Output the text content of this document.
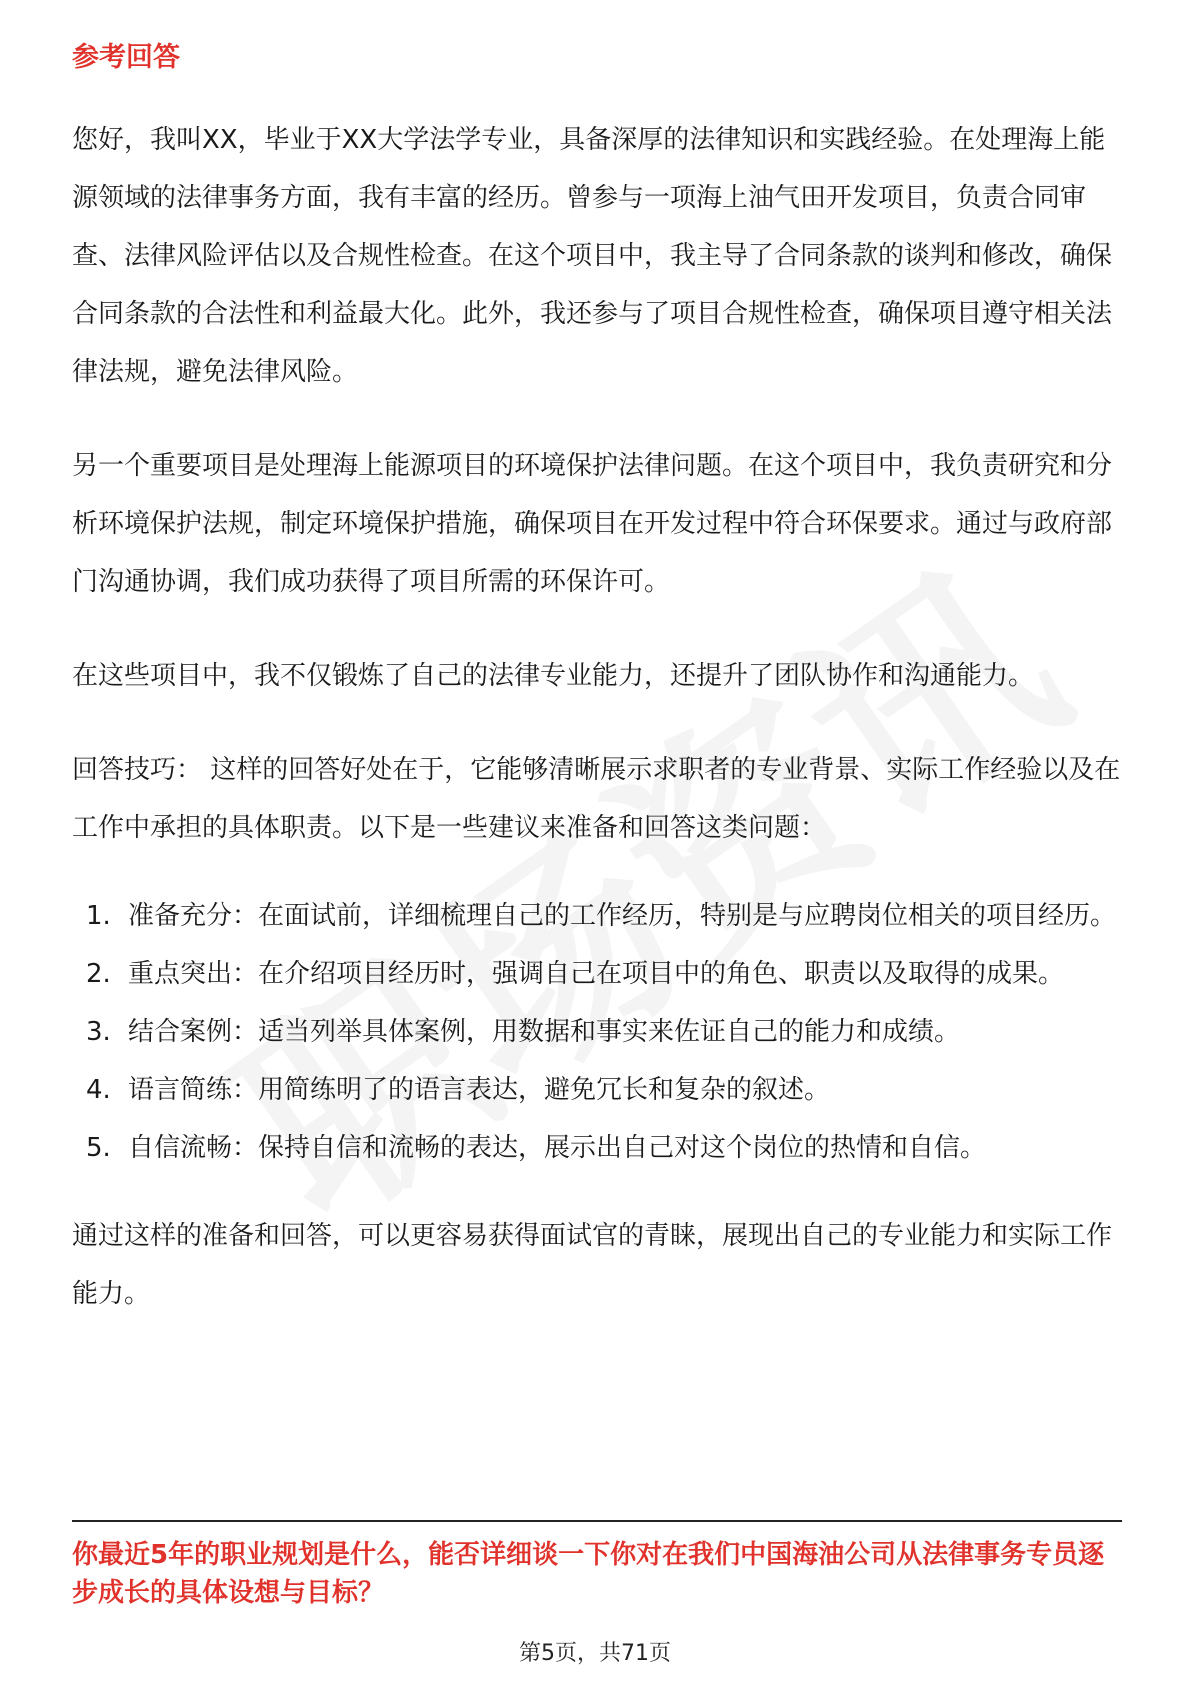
参考回答

您好，我叫XX，毕业于XX大学法学专业，具备深厚的法律知识和实践经验。在处理海上能源领域的法律事务方面，我有丰富的经历。曾参与一项海上油气田开发项目，负责合同审查、法律风险评估以及合规性检查。在这个项目中，我主导了合同条款的谈判和修改，确保合同条款的合法性和利益最大化。此外，我还参与了项目合规性检查，确保项目遵守相关法律法规，避免法律风险。

另一个重要项目是处理海上能源项目的环境保护法律问题。在这个项目中，我负责研究和分析环境保护法规，制定环境保护措施，确保项目在开发过程中符合环保要求。通过与政府部门沟通协调，我们成功获得了项目所需的环保许可。

在这些项目中，我不仅锻炼了自己的法律专业能力，还提升了团队协作和沟通能力。

回答技巧： 这样的回答好处在于，它能够清晰展示求职者的专业背景、实际工作经验以及在工作中承担的具体职责。以下是一些建议来准备和回答这类问题：

1. 准备充分：在面试前，详细梳理自己的工作经历，特别是与应聘岗位相关的项目经历。
2. 重点突出：在介绍项目经历时，强调自己在项目中的角色、职责以及取得的成果。
3. 结合案例：适当列举具体案例，用数据和事实来佐证自己的能力和成绩。
4. 语言简练：用简练明了的语言表达，避免冗长和复杂的叙述。
5. 自信流畅：保持自信和流畅的表达，展示出自己对这个岗位的热情和自信。

通过这样的准备和回答，可以更容易获得面试官的青睐，展现出自己的专业能力和实际工作能力。

你最近5年的职业规划是什么，能否详细谈一下你对在我们中国海油公司从法律事务专员逐步成长的具体设想与目标？
第5页，共71页
